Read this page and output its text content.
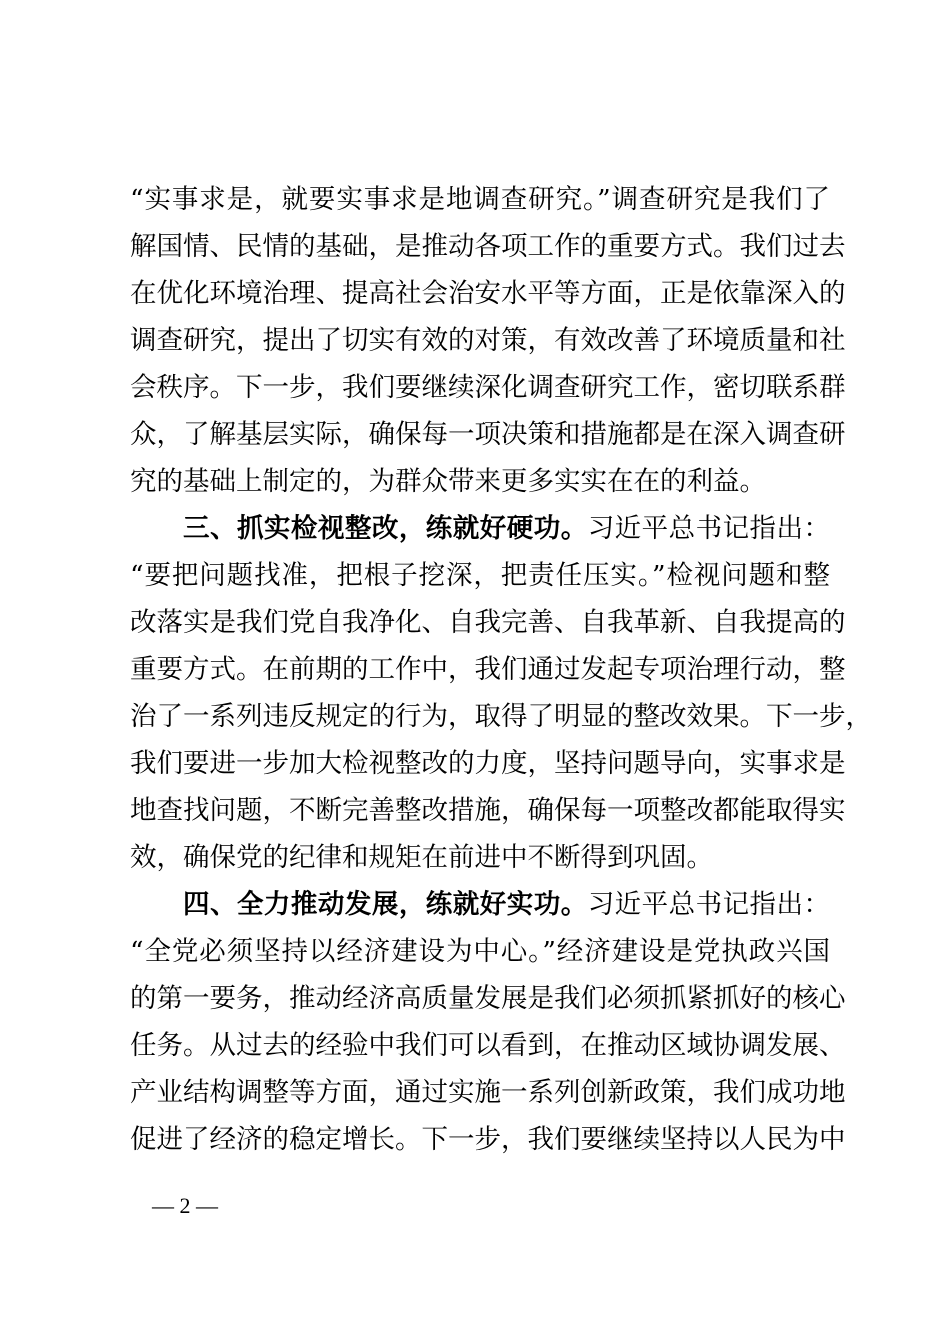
“实事求是，就要实事求是地调查研究。”调查研究是我们了
解国情、民情的基础，是推动各项工作的重要方式。我们过去
在优化环境治理、提高社会治安水平等方面，正是依靠深入的
调查研究，提出了切实有效的对策，有效改善了环境质量和社
会秩序。下一步，我们要继续深化调查研究工作，密切联系群
众，了解基层实际，确保每一项决策和措施都是在深入调查研
究的基础上制定的，为群众带来更多实实在在的利益。
三、抓实检视整改，练就好硬功。习近平总书记指出：
“要把问题找准，把根子挖深，把责任压实。”检视问题和整
改落实是我们党自我净化、自我完善、自我革新、自我提高的
重要方式。在前期的工作中，我们通过发起专项治理行动，整
治了一系列违反规定的行为，取得了明显的整改效果。下一步，
我们要进一步加大检视整改的力度，坚持问题导向，实事求是
地查找问题，不断完善整改措施，确保每一项整改都能取得实
效，确保党的纪律和规矩在前进中不断得到巩固。
四、全力推动发展，练就好实功。习近平总书记指出：
“全党必须坚持以经济建设为中心。”经济建设是党执政兴国
的第一要务，推动经济高质量发展是我们必须抓紧抓好的核心
任务。从过去的经验中我们可以看到，在推动区域协调发展、
产业结构调整等方面，通过实施一系列创新政策，我们成功地
促进了经济的稳定增长。下一步，我们要继续坚持以人民为中
— 2 —
